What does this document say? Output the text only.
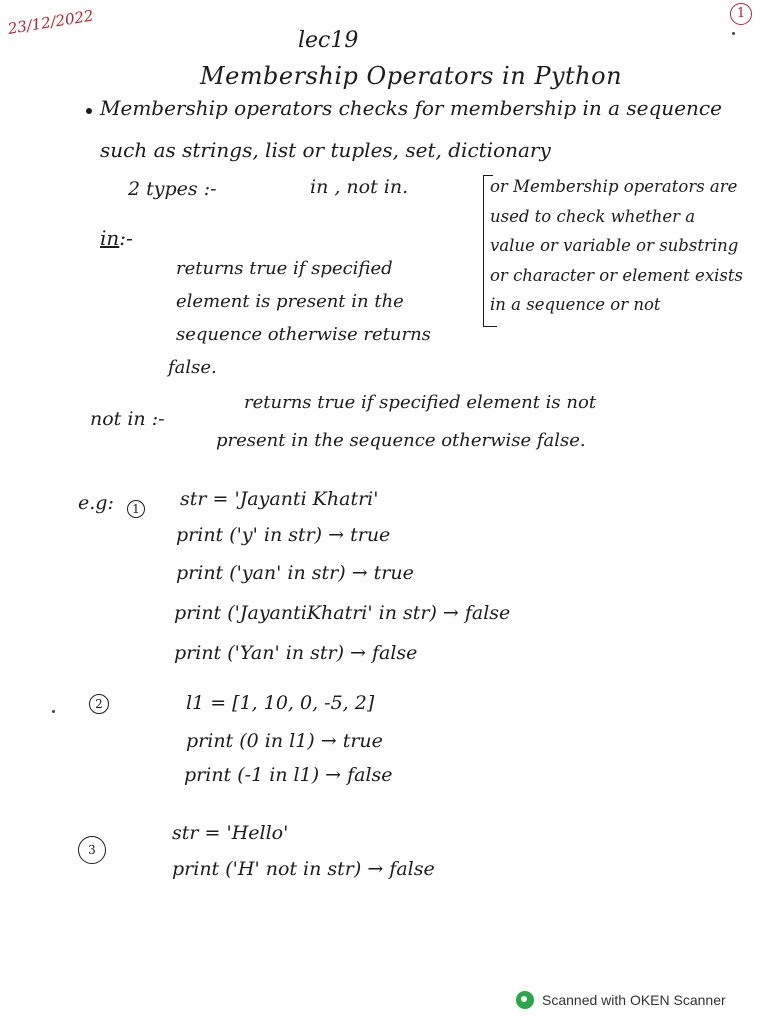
23/12/2022	1
lec19
Membership Operators in Python
Membership operators checks for membership in a sequence
such as strings, list or tuples, set, dictionary
2 types :-	in , not in.	or Membership operators are
used to check whether a
value or variable or substring
or character or element exists
in a sequence or not
in:-
returns true if specified
element is present in the
sequence otherwise returns
false.
not in :-
returns true if specified element is not
present in the sequence otherwise false.
e.g:	1 str = 'Jayanti Khatri'
print ('y' in str) → true
print ('yan' in str) → true
print ('JayantiKhatri' in str) → false
print ('Yan' in str) → false
2	l1 = [1, 10, 0, -5, 2]
print (0 in l1) → true
print (-1 in l1) → false
3
str = 'Hello'
print ('H' not in str) → false
Scanned with OKEN Scanner
